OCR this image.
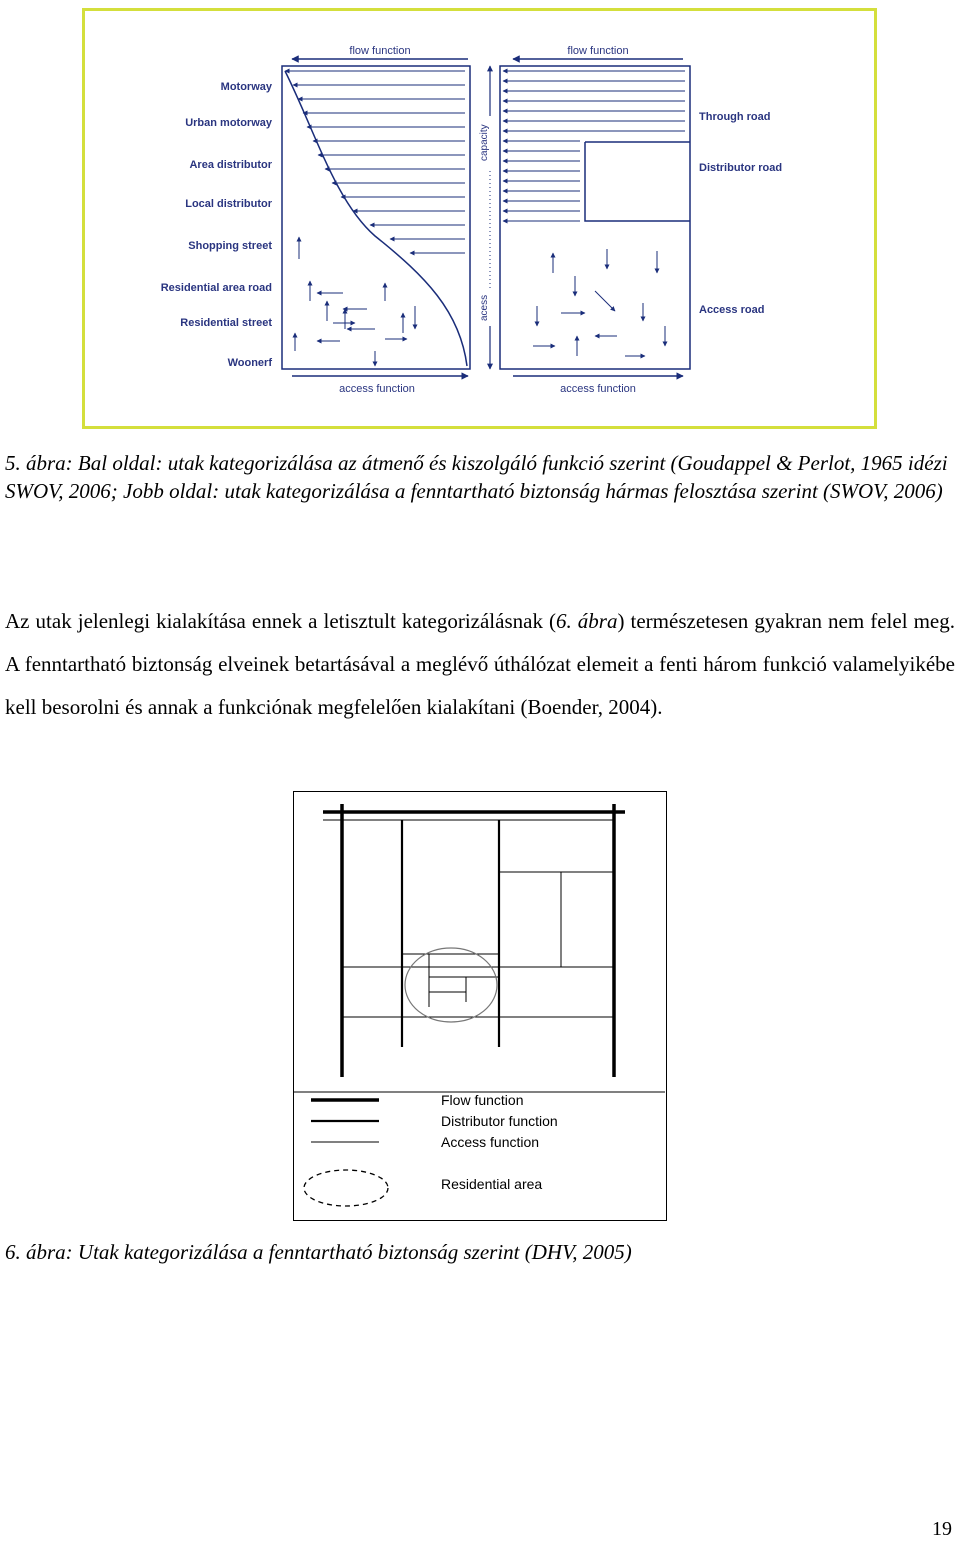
flow function
access function
Motorway
Urban motorway
Area distributor
Local distributor
Shopping street
Residential area road
Residential street
Woonerf
flow function
access function
capacity
acess
Through road
Distributor road
Access road
5. ábra: Bal oldal: utak kategorizálása az átmenő és kiszolgáló funkció szerint (Goudappel & Perlot, 1965 idézi SWOV, 2006; Jobb oldal: utak kategorizálása a fenntartható biztonság hármas felosztása szerint (SWOV, 2006)
Az utak jelenlegi kialakítása ennek a letisztult kategorizálásnak (6. ábra) természetesen gyakran nem felel meg. A fenntartható biztonság elveinek betartásával a meglévő úthálózat elemeit a fenti három funkció valamelyikébe kell besorolni és annak a funkciónak megfelelően kialakítani (Boender, 2004).
Flow function
Distributor function
Access function
Residential area
6. ábra: Utak kategorizálása a fenntartható biztonság szerint (DHV, 2005)
19
